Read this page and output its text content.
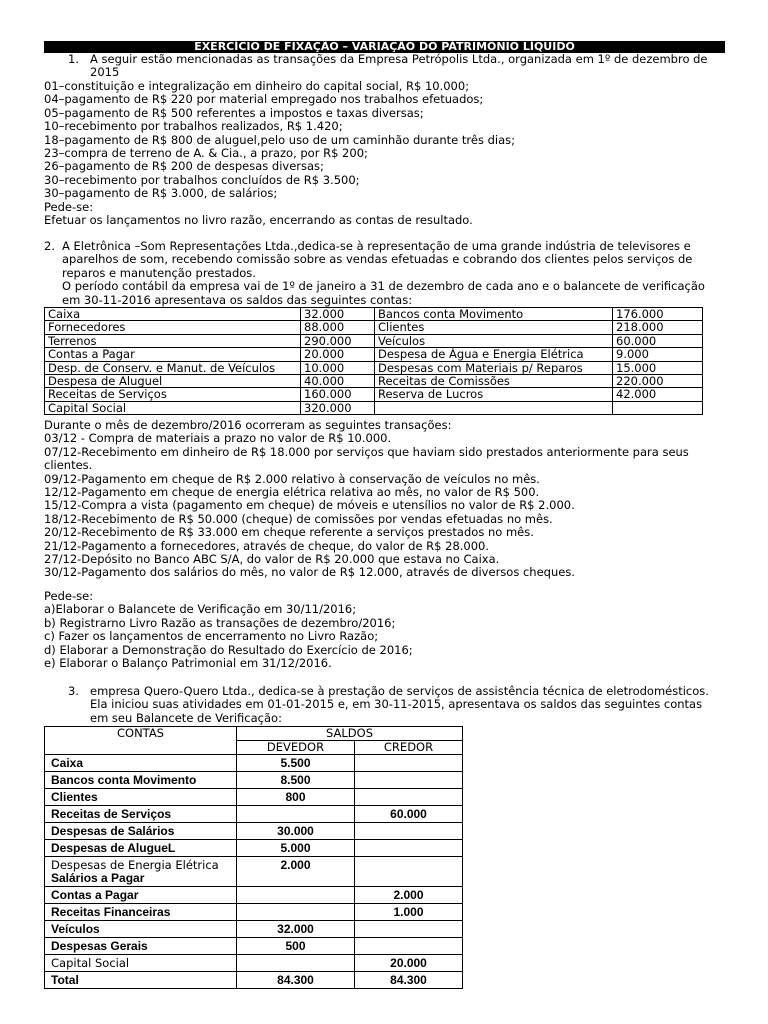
EXERCÍCIO DE FIXAÇÃO – VARIAÇÃO DO PÁTRIMÔNIO LÍQUIDO
1. A seguir estão mencionadas as transações da Empresa Petrópolis Ltda., organizada em 1º de dezembro de
2015
01–constituição e integralização em dinheiro do capital social, R$ 10.000;
04–pagamento de R$ 220 por material empregado nos trabalhos efetuados;
05–pagamento de R$ 500 referentes a impostos e taxas diversas;
10–recebimento por trabalhos realizados, R$ 1.420;
18–pagamento de R$ 800 de aluguel,pelo uso de um caminhão durante três dias;
23–compra de terreno de A. & Cia., a prazo, por R$ 200;
26–pagamento de R$ 200 de despesas diversas;
30–recebimento por trabalhos concluídos de R$ 3.500;
30–pagamento de R$ 3.000, de salários;
Pede-se:
Efetuar os lançamentos no livro razão, encerrando as contas de resultado.
2. A Eletrônica –Som Representações Ltda.,dedica-se à representação de uma grande indústria de televisores e
aparelhos de som, recebendo comissão sobre as vendas efetuadas e cobrando dos clientes pelos serviços de
reparos e manutenção prestados.
O período contábil da empresa vai de 1º de janeiro a 31 de dezembro de cada ano e o balancete de verificação
em 30-11-2016 apresentava os saldos das seguintes contas:
Caixa	32.000	Bancos conta Movimento	176.000
Fornecedores	88.000	Clientes	218.000
Terrenos	290.000	Veículos	60.000
Contas a Pagar	20.000	Despesa de Água e Energia Elétrica	9.000
Desp. de Conserv. e Manut. de Veículos	10.000	Despesas com Materiais p/ Reparos	15.000
Despesa de Aluguel	40.000	Receitas de Comissões	220.000
Receitas de Serviços	160.000	Reserva de Lucros	42.000
Capital Social	320.000		
Durante o mês de dezembro/2016 ocorreram as seguintes transações:
03/12 - Compra de materiais a prazo no valor de R$ 10.000.
07/12-Recebimento em dinheiro de R$ 18.000 por serviços que haviam sido prestados anteriormente para seus
clientes.
09/12-Pagamento em cheque de R$ 2.000 relativo à conservação de veículos no mês.
12/12-Pagamento em cheque de energia elétrica relativa ao mês, no valor de R$ 500.
15/12-Compra a vista (pagamento em cheque) de móveis e utensílios no valor de R$ 2.000.
18/12-Recebimento de R$ 50.000 (cheque) de comissões por vendas efetuadas no mês.
20/12-Recebimento de R$ 33.000 em cheque referente a serviços prestados no mês.
21/12-Pagamento a fornecedores, através de cheque, do valor de R$ 28.000.
27/12-Depósito no Banco ABC S/A, do valor de R$ 20.000 que estava no Caixa.
30/12-Pagamento dos salários do mês, no valor de R$ 12.000, através de diversos cheques.
Pede-se:
a)Elaborar o Balancete de Verificação em 30/11/2016;
b) Registrarno Livro Razão as transações de dezembro/2016;
c) Fazer os lançamentos de encerramento no Livro Razão;
d) Elaborar a Demonstração do Resultado do Exercício de 2016;
e) Elaborar o Balanço Patrimonial em 31/12/2016.
3. empresa Quero-Quero Ltda., dedica-se à prestação de serviços de assistência técnica de eletrodomésticos.
Ela iniciou suas atividades em 01-01-2015 e, em 30-11-2015, apresentava os saldos das seguintes contas
em seu Balancete de Verificação:
CONTAS	SALDOS	
	DEVEDOR	CREDOR

Caixa	5.500	

Bancos conta Movimento	8.500	

Clientes	800	

Receitas de Serviços		60.000

Despesas de Salários	30.000	

Despesas de AlugueL	5.000	

Despesas de Energia Elétrica
Salários a Pagar	2.000	

Contas a Pagar		2.000

Receitas Financeiras		1.000

Veículos	32.000	

Despesas Gerais	500	

Capital Social		20.000

Total	84.300	84.300
